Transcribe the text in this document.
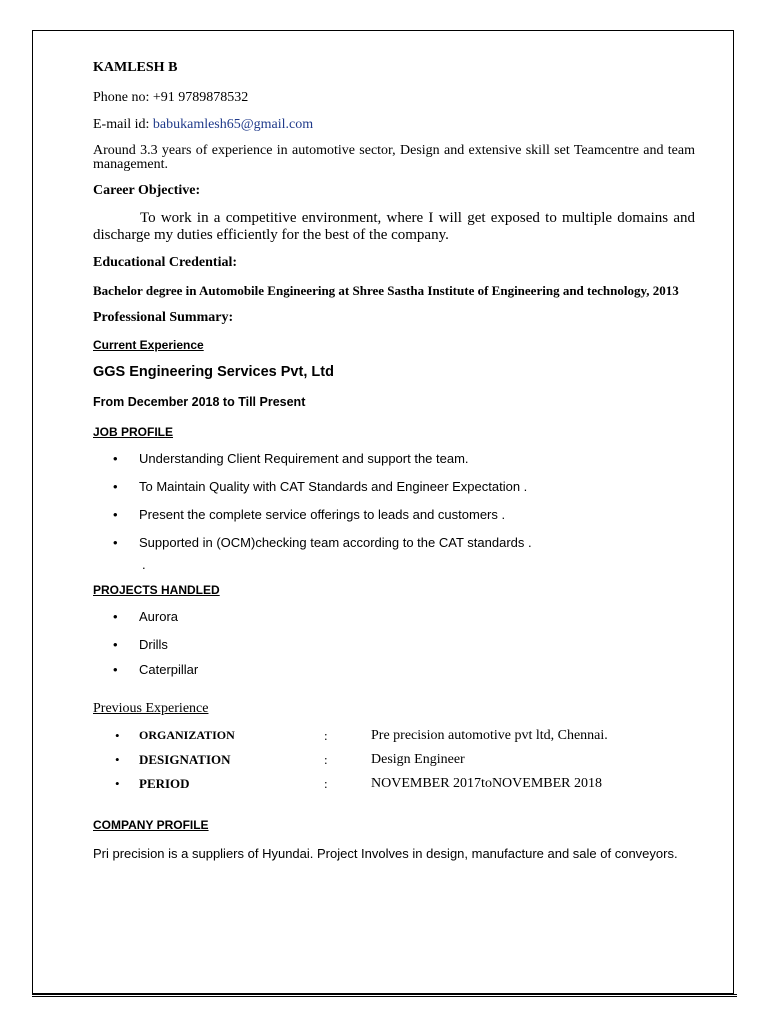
KAMLESH B

Phone no: +91 9789878532

E-mail id: babukamlesh65@gmail.com

Around 3.3 years of experience in automotive sector, Design and extensive skill set Teamcentre and team management.

Career Objective:

To work in a competitive environment, where I will get exposed to multiple domains and discharge my duties efficiently for the best of the company.

Educational Credential:

Bachelor degree in Automobile Engineering at Shree Sastha Institute of Engineering and technology, 2013

Professional Summary:

Current Experience

GGS Engineering Services Pvt, Ltd

From December 2018 to Till Present

JOB PROFILE

• Understanding Client Requirement and support the team.
• To Maintain Quality with CAT Standards and Engineer Expectation .
• Present the complete service offerings to leads and customers .
• Supported in (OCM)checking team according to the CAT standards .

.

PROJECTS HANDLED

• Aurora
• Drills
• Caterpillar

Previous Experience

• ORGANIZATION	:	Pre precision automotive pvt ltd, Chennai.
• DESIGNATION	:	Design Engineer
• PERIOD	:	NOVEMBER 2017toNOVEMBER 2018

COMPANY PROFILE

Pri precision is a suppliers of Hyundai. Project Involves in design, manufacture and sale of conveyors.
